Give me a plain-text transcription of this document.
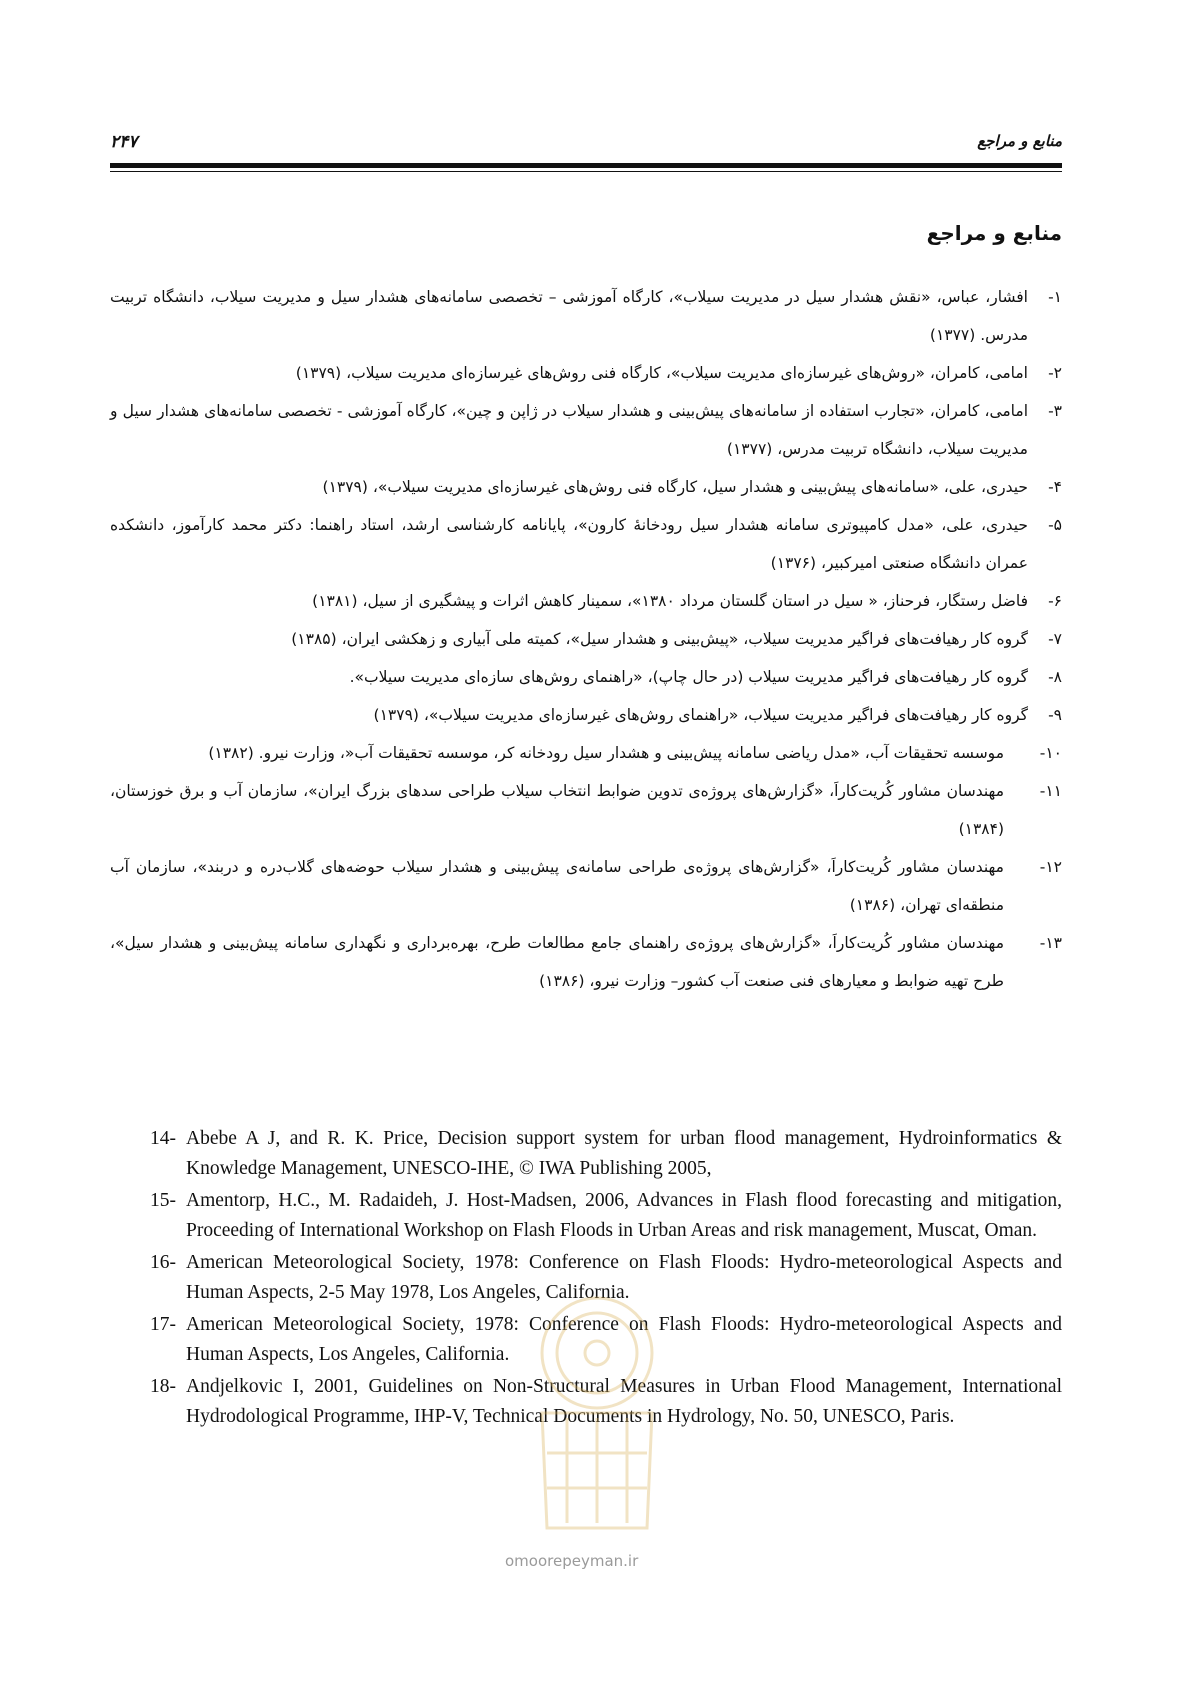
منابع و مراجع
۲۴۷
منابع و مراجع

۱-
افشار، عباس، «نقش هشدار سیل در مدیریت سیلاب»، کارگاه آموزشی – تخصصی سامانه‌های هشدار سیل و مدیریت سیلاب، دانشگاه تربیت مدرس. (۱۳۷۷)

۲-
امامی، کامران، «روش‌های غیرسازه‌ای مدیریت سیلاب»، کارگاه فنی روش‌های غیرسازه‌ای مدیریت سیلاب، (۱۳۷۹)

۳-
امامی، کامران، «تجارب استفاده از سامانه‌های پیش‌بینی و هشدار سیلاب در ژاپن و چین»، کارگاه آموزشی - تخصصی سامانه‌های هشدار سیل و مدیریت سیلاب، دانشگاه تربیت مدرس، (۱۳۷۷)

۴-
حیدری، علی، «سامانه‌های پیش‌بینی و هشدار سیل، کارگاه فنی روش‌های غیرسازه‌ای مدیریت سیلاب»، (۱۳۷۹)

۵-
حیدری، علی، «مدل کامپیوتری سامانه هشدار سیل رودخانهٔ کارون»، پایانامه کارشناسی ارشد، استاد راهنما: دکتر محمد کارآموز، دانشکده عمران دانشگاه صنعتی امیرکبیر، (۱۳۷۶)

۶-
فاضل رستگار، فرحناز، « سیل در استان گلستان مرداد ۱۳۸۰»، سمینار کاهش اثرات و پیشگیری از سیل، (۱۳۸۱)

۷-
گروه کار رهیافت‌های فراگیر مدیریت سیلاب، «پیش‌بینی و هشدار سیل»، کمیته ملی آبیاری و زهکشی ایران، (۱۳۸۵)

۸-
گروه کار رهیافت‌های فراگیر مدیریت سیلاب (در حال چاپ)، «راهنمای روش‌های سازه‌ای مدیریت سیلاب».

۹-
گروه کار رهیافت‌های فراگیر مدیریت سیلاب، «راهنمای روش‌های غیرسازه‌ای مدیریت سیلاب»، (۱۳۷۹)

۱۰-
موسسه تحقیقات آب، «مدل ریاضی سامانه پیش‌بینی و هشدار سیل رودخانه کر، موسسه تحقیقات آب«، وزارت نیرو. (۱۳۸۲)

۱۱-
مهندسان مشاور کُریت‌کاراَ، «گزارش‌های پروژه‌ی تدوین ضوابط انتخاب سیلاب طراحی سدهای بزرگ ایران»، سازمان آب و برق خوزستان، (۱۳۸۴)

۱۲-
مهندسان مشاور کُریت‌کاراَ، «گزارش‌های پروژه‌ی طراحی سامانه‌ی پیش‌بینی و هشدار سیلاب حوضه‌های گلاب‌دره و دربند»، سازمان آب منطقه‌ای تهران، (۱۳۸۶)

۱۳-
مهندسان مشاور کُریت‌کاراَ، «گزارش‌های پروژه‌ی راهنمای جامع مطالعات طرح، بهره‌برداری و نگهداری سامانه پیش‌بینی و هشدار سیل»، طرح تهیه ضوابط و معیارهای فنی صنعت آب کشور– وزارت نیرو، (۱۳۸۶)

14- Abebe A J, and R. K. Price, Decision support system for urban flood management, Hydroinformatics & Knowledge Management, UNESCO-IHE, © IWA Publishing 2005,

15- Amentorp, H.C., M. Radaideh, J. Host-Madsen, 2006, Advances in Flash flood forecasting and mitigation, Proceeding of International Workshop on Flash Floods in Urban Areas and risk management, Muscat, Oman.

16- American Meteorological Society, 1978: Conference on Flash Floods: Hydro-meteorological Aspects and Human Aspects, 2-5 May 1978, Los Angeles, California.

17- American Meteorological Society, 1978: Conference on Flash Floods: Hydro-meteorological Aspects and Human Aspects, Los Angeles, California.

18- Andjelkovic I, 2001, Guidelines on Non-Structural Measures in Urban Flood Management, International Hydrodological Programme, IHP-V, Technical Documents in Hydrology, No. 50, UNESCO, Paris.

omoorepeyman.ir
